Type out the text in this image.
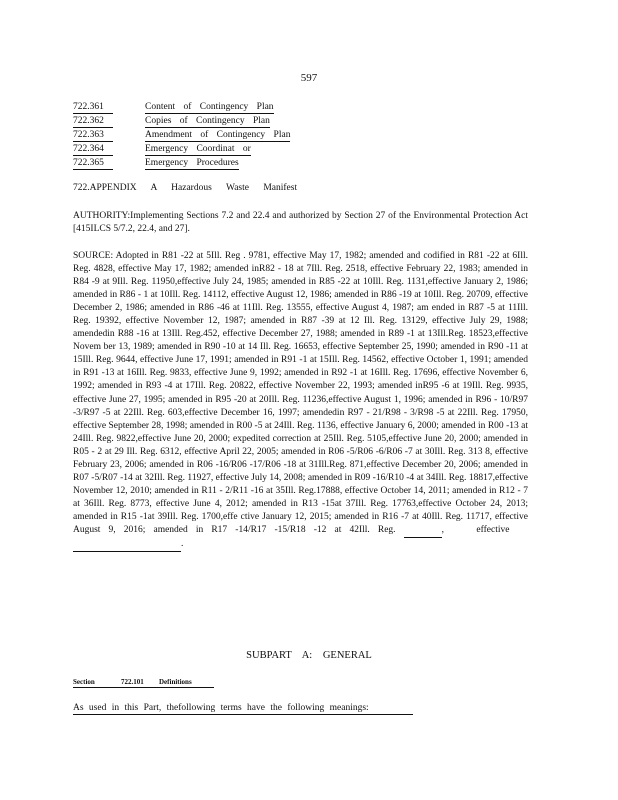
597
722.361	Content of Contingency Plan
722.362	Copies of Contingency Plan
722.363	Amendment of Contingency Plan
722.364	Emergency Coordinat or
722.365	Emergency Procedures
722.APPENDIX A Hazardous Waste Manifest
AUTHORITY:Implementing Sections 7.2 and 22.4 and authorized by Section 27 of the Environmental Protection Act [415ILCS 5/7.2, 22.4, and 27].
SOURCE: Adopted in R81 -22 at 5Ill. Reg . 9781, effective May 17, 1982; amended and codified in R81 -22 at 6Ill. Reg. 4828, effective May 17, 1982; amended inR82 - 18 at 7Ill. Reg. 2518, effective February 22, 1983; amended in R84 -9 at 9Ill. Reg. 11950,effective July 24, 1985; amended in R85 -22 at 10Ill. Reg. 1131,effective January 2, 1986; amended in R86 - 1 at 10Ill. Reg. 14112, effective August 12, 1986; amended in R86 -19 at 10Ill. Reg. 20709, effective December 2, 1986; amended in R86 -46 at 11Ill. Reg. 13555, effective August 4, 1987; am ended in R87 -5 at 11Ill. Reg. 19392, effective November 12, 1987; amended in R87 -39 at 12 Ill. Reg. 13129, effective July 29, 1988; amendedin R88 -16 at 13Ill. Reg.452, effective December 27, 1988; amended in R89 -1 at 13Ill.Reg. 18523,effective Novem ber 13, 1989; amended in R90 -10 at 14 Ill. Reg. 16653, effective September 25, 1990; amended in R90 -11 at 15Ill. Reg. 9644, effective June 17, 1991; amended in R91 -1 at 15Ill. Reg. 14562, effective October 1, 1991; amended in R91 -13 at 16Ill. Reg. 9833, effective June 9, 1992; amended in R92 -1 at 16Ill. Reg. 17696, effective November 6, 1992; amended in R93 -4 at 17Ill. Reg. 20822, effective November 22, 1993; amended inR95 -6 at 19Ill. Reg. 9935, effective June 27, 1995; amended in R95 -20 at 20Ill. Reg. 11236,effective August 1, 1996; amended in R96 - 10/R97 -3/R97 -5 at 22Ill. Reg. 603,effective December 16, 1997; amendedin R97 - 21/R98 - 3/R98 -5 at 22Ill. Reg. 17950, effective September 28, 1998; amended in R00 -5 at 24Ill. Reg. 1136, effective January 6, 2000; amended in R00 -13 at 24Ill. Reg. 9822,effective June 20, 2000; expedited correction at 25Ill. Reg. 5105,effective June 20, 2000; amended in R05 - 2 at 29 Ill. Reg. 6312, effective April 22, 2005; amended in R06 -5/R06 -6/R06 -7 at 30Ill. Reg. 313 8, effective February 23, 2006; amended in R06 -16/R06 -17/R06 -18 at 31Ill.Reg. 871,effective December 20, 2006; amended in R07 -5/R07 -14 at 32Ill. Reg. 11927, effective July 14, 2008; amended in R09 -16/R10 -4 at 34Ill. Reg. 18817,effective November 12, 2010; amended in R11 - 2/R11 -16 at 35Ill. Reg.17888, effective October 14, 2011; amended in R12 - 7 at 36Ill. Reg. 8773, effective June 4, 2012; amended in R13 -15at 37Ill. Reg. 17763,effective October 24, 2013; amended in R15 -1at 39Ill. Reg. 1700,effe ctive January 12, 2015; amended in R16 -7 at 40Ill. Reg. 11717, effective August 9, 2016; amended in R17 -14/R17 -15/R18 -12 at 42Ill. Reg.	,	effective    .
SUBPART A: GENERAL
Section	722.101 Definitions
As used in this Part, thefollowing terms have the following meanings:
